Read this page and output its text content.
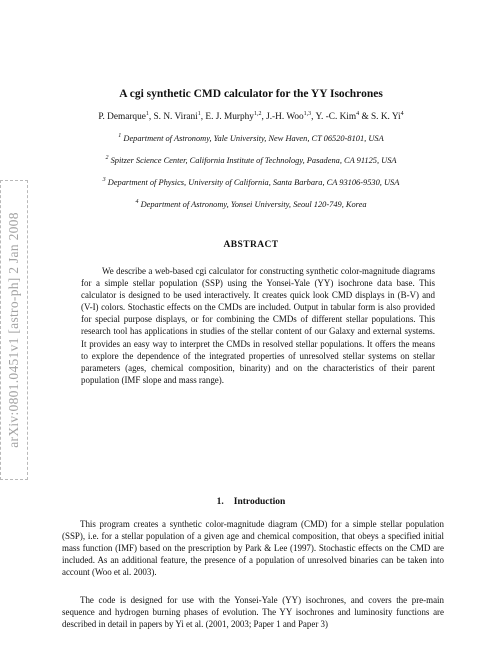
arXiv:0801.0451v1 [astro-ph] 2 Jan 2008
A cgi synthetic CMD calculator for the YY Isochrones
P. Demarque$^1$, S. N. Virani$^1$, E. J. Murphy$^{1,2}$, J.-H. Woo$^{1,3}$, Y. -C. Kim$^4$ & S. K. Yi$^4$
$^1$ Department of Astronomy, Yale University, New Haven, CT 06520-8101, USA
$^2$ Spitzer Science Center, California Institute of Technology, Pasadena, CA 91125, USA
$^3$ Department of Physics, University of California, Santa Barbara, CA 93106-9530, USA
$^4$ Department of Astronomy, Yonsei University, Seoul 120-749, Korea
ABSTRACT

We describe a web-based cgi calculator for constructing synthetic color-magnitude diagrams for a simple stellar population (SSP) using the Yonsei-Yale (YY) isochrone data base. This calculator is designed to be used interactively. It creates quick look CMD displays in (B-V) and (V-I) colors. Stochastic effects on the CMDs are included. Output in tabular form is also provided for special purpose displays, or for combining the CMDs of different stellar populations. This research tool has applications in studies of the stellar content of our Galaxy and external systems. It provides an easy way to interpret the CMDs in resolved stellar populations. It offers the means to explore the dependence of the integrated properties of unresolved stellar systems on stellar parameters (ages, chemical composition, binarity) and on the characteristics of their parent population (IMF slope and mass range).

1. Introduction

This program creates a synthetic color-magnitude diagram (CMD) for a simple stellar population (SSP), i.e. for a stellar population of a given age and chemical composition, that obeys a specified initial mass function (IMF) based on the prescription by Park & Lee (1997). Stochastic effects on the CMD are included. As an additional feature, the presence of a population of unresolved binaries can be taken into account (Woo et al. 2003).

The code is designed for use with the Yonsei-Yale (YY) isochrones, and covers the pre-main sequence and hydrogen burning phases of evolution. The YY isochrones and luminosity functions are described in detail in papers by Yi et al. (2001, 2003; Paper 1 and Paper 3)
